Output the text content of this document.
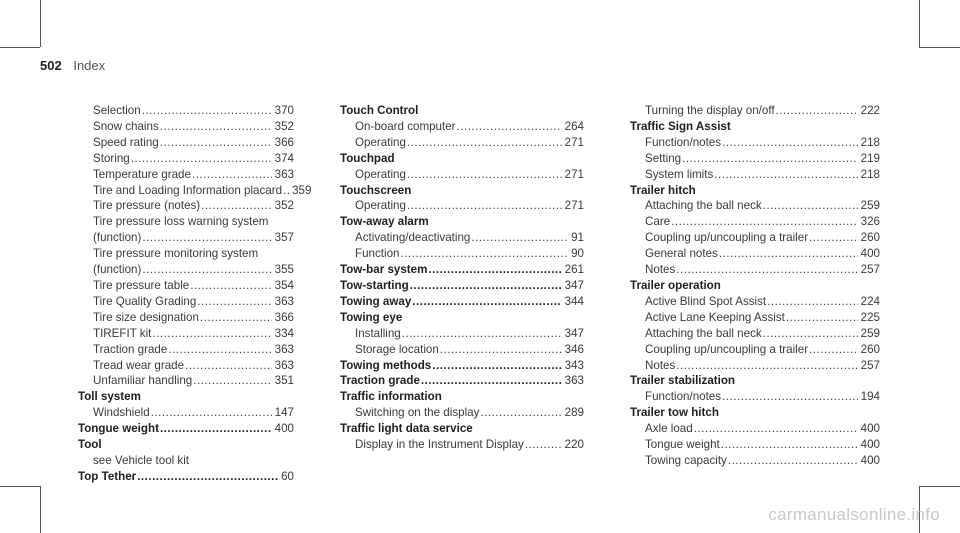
502 Index
Selection .....	370
Snow chains .....	352
Speed rating .....	366
Storing .....	374
Temperature grade .....	363
Tire and Loading Information placard ..... 359
Tire pressure (notes) .....	352
Tire pressure loss warning system
(function) .....	357
Tire pressure monitoring system
(function) .....	355
Tire pressure table .....	354
Tire Quality Grading .....	363
Tire size designation .....	366
TIREFIT kit .....	334
Traction grade .....	363
Tread wear grade .....	363
Unfamiliar handling .....	351
Toll system
Windshield .....	147
Tongue weight .....	400
Tool
see Vehicle tool kit
Top Tether .....	60
Touch Control
On-board computer .....	264
Operating .....	271
Touchpad
Operating .....	271
Touchscreen
Operating .....	271
Tow-away alarm
Activating/deactivating .....	91
Function .....	90
Tow-bar system .....	261
Tow-starting .....	347
Towing away .....	344
Towing eye
Installing .....	347
Storage location .....	346
Towing methods .....	343
Traction grade .....	363
Traffic information
Switching on the display .....	289
Traffic light data service
Display in the Instrument Display .....	220
Turning the display on/off .....	222
Traffic Sign Assist
Function/notes .....	218
Setting .....	219
System limits .....	218
Trailer hitch
Attaching the ball neck .....	259
Care .....	326
Coupling up/uncoupling a trailer .....	260
General notes .....	400
Notes .....	257
Trailer operation
Active Blind Spot Assist .....	224
Active Lane Keeping Assist .....	225
Attaching the ball neck .....	259
Coupling up/uncoupling a trailer .....	260
Notes .....	257
Trailer stabilization
Function/notes .....	194
Trailer tow hitch
Axle load .....	400
Tongue weight .....	400
Towing capacity .....	400
carmanualsonline.info
